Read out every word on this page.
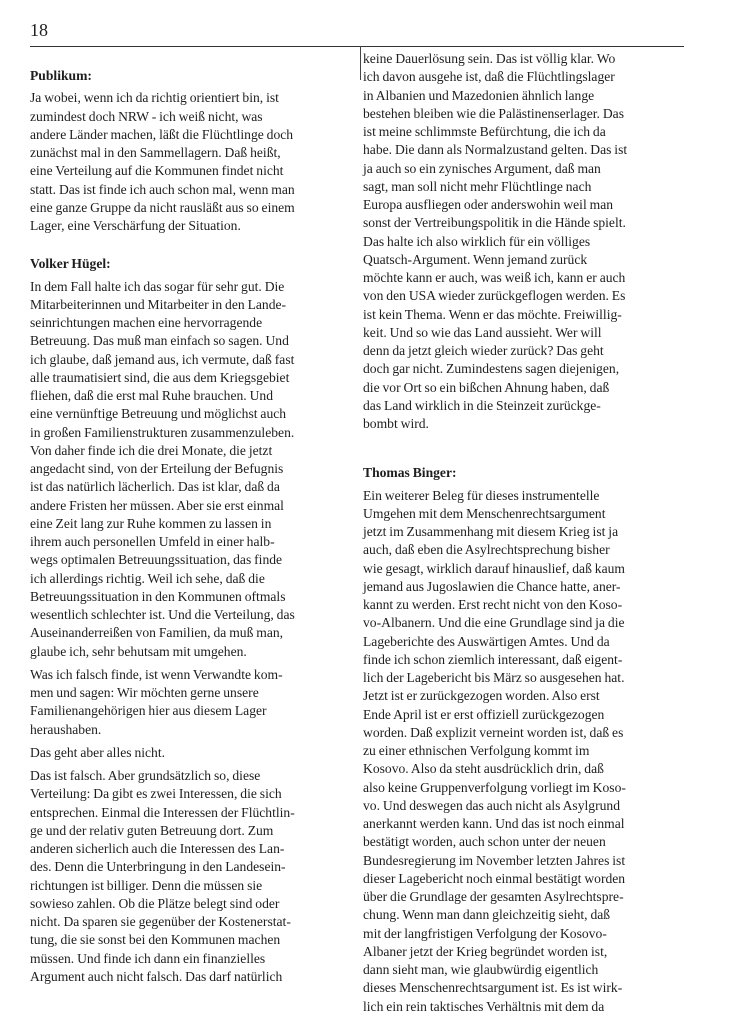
18
Publikum:
Ja wobei, wenn ich da richtig orientiert bin, ist
zumindest doch NRW - ich weiß nicht, was
andere Länder machen, läßt die Flüchtlinge doch
zunächst mal in den Sammellagern. Daß heißt,
eine Verteilung auf die Kommunen findet nicht
statt. Das ist finde ich auch schon mal, wenn man
eine ganze Gruppe da nicht rausläßt aus so einem
Lager, eine Verschärfung der Situation.
Volker Hügel:
In dem Fall halte ich das sogar für sehr gut. Die
Mitarbeiterinnen und Mitarbeiter in den Lande-
seinrichtungen machen eine hervorragende
Betreuung. Das muß man einfach so sagen. Und
ich glaube, daß jemand aus, ich vermute, daß fast
alle traumatisiert sind, die aus dem Kriegsgebiet
fliehen, daß die erst mal Ruhe brauchen. Und
eine vernünftige Betreuung und möglichst auch
in großen Familienstrukturen zusammenzuleben.
Von daher finde ich die drei Monate, die jetzt
angedacht sind, von der Erteilung der Befugnis
ist das natürlich lächerlich. Das ist klar, daß da
andere Fristen her müssen. Aber sie erst einmal
eine Zeit lang zur Ruhe kommen zu lassen in
ihrem auch personellen Umfeld in einer halb-
wegs optimalen Betreuungssituation, das finde
ich allerdings richtig. Weil ich sehe, daß die
Betreuungssituation in den Kommunen oftmals
wesentlich schlechter ist. Und die Verteilung, das
Auseinanderreißen von Familien, da muß man,
glaube ich, sehr behutsam mit umgehen.
Was ich falsch finde, ist wenn Verwandte kom-
men und sagen: Wir möchten gerne unsere
Familienangehörigen hier aus diesem Lager
heraushaben.
Das geht aber alles nicht.
Das ist falsch. Aber grundsätzlich so, diese
Verteilung: Da gibt es zwei Interessen, die sich
entsprechen. Einmal die Interessen der Flüchtlin-
ge und der relativ guten Betreuung dort. Zum
anderen sicherlich auch die Interessen des Lan-
des. Denn die Unterbringung in den Landesein-
richtungen ist billiger. Denn die müssen sie
sowieso zahlen. Ob die Plätze belegt sind oder
nicht. Da sparen sie gegenüber der Kostenerstat-
tung, die sie sonst bei den Kommunen machen
müssen. Und finde ich dann ein finanzielles
Argument auch nicht falsch. Das darf natürlich
keine Dauerlösung sein. Das ist völlig klar. Wo
ich davon ausgehe ist, daß die Flüchtlingslager
in Albanien und Mazedonien ähnlich lange
bestehen bleiben wie die Palästinenserlager. Das
ist meine schlimmste Befürchtung, die ich da
habe. Die dann als Normalzustand gelten. Das ist
ja auch so ein zynisches Argument, daß man
sagt, man soll nicht mehr Flüchtlinge nach
Europa ausfliegen oder anderswohin weil man
sonst der Vertreibungspolitik in die Hände spielt.
Das halte ich also wirklich für ein völliges
Quatsch-Argument. Wenn jemand zurück
möchte kann er auch, was weiß ich, kann er auch
von den USA wieder zurückgeflogen werden. Es
ist kein Thema. Wenn er das möchte. Freiwillig-
keit. Und so wie das Land aussieht. Wer will
denn da jetzt gleich wieder zurück? Das geht
doch gar nicht. Zumindestens sagen diejenigen,
die vor Ort so ein bißchen Ahnung haben, daß
das Land wirklich in die Steinzeit zurückge-
bombt wird.
Thomas Binger:
Ein weiterer Beleg für dieses instrumentelle
Umgehen mit dem Menschenrechtsargument
jetzt im Zusammenhang mit diesem Krieg ist ja
auch, daß eben die Asylrechtsprechung bisher
wie gesagt, wirklich darauf hinauslief, daß kaum
jemand aus Jugoslawien die Chance hatte, aner-
kannt zu werden. Erst recht nicht von den Koso-
vo-Albanern. Und die eine Grundlage sind ja die
Lageberichte des Auswärtigen Amtes. Und da
finde ich schon ziemlich interessant, daß eigent-
lich der Lagebericht bis März so ausgesehen hat.
Jetzt ist er zurückgezogen worden. Also erst
Ende April ist er erst offiziell zurückgezogen
worden. Daß explizit verneint worden ist, daß es
zu einer ethnischen Verfolgung kommt im
Kosovo. Also da steht ausdrücklich drin, daß
also keine Gruppenverfolgung vorliegt im Koso-
vo. Und deswegen das auch nicht als Asylgrund
anerkannt werden kann. Und das ist noch einmal
bestätigt worden, auch schon unter der neuen
Bundesregierung im November letzten Jahres ist
dieser Lagebericht noch einmal bestätigt worden
über die Grundlage der gesamten Asylrechtspre-
chung. Wenn man dann gleichzeitig sieht, daß
mit der langfristigen Verfolgung der Kosovo-
Albaner jetzt der Krieg begründet worden ist,
dann sieht man, wie glaubwürdig eigentlich
dieses Menschenrechtsargument ist. Es ist wirk-
lich ein rein taktisches Verhältnis mit dem da
